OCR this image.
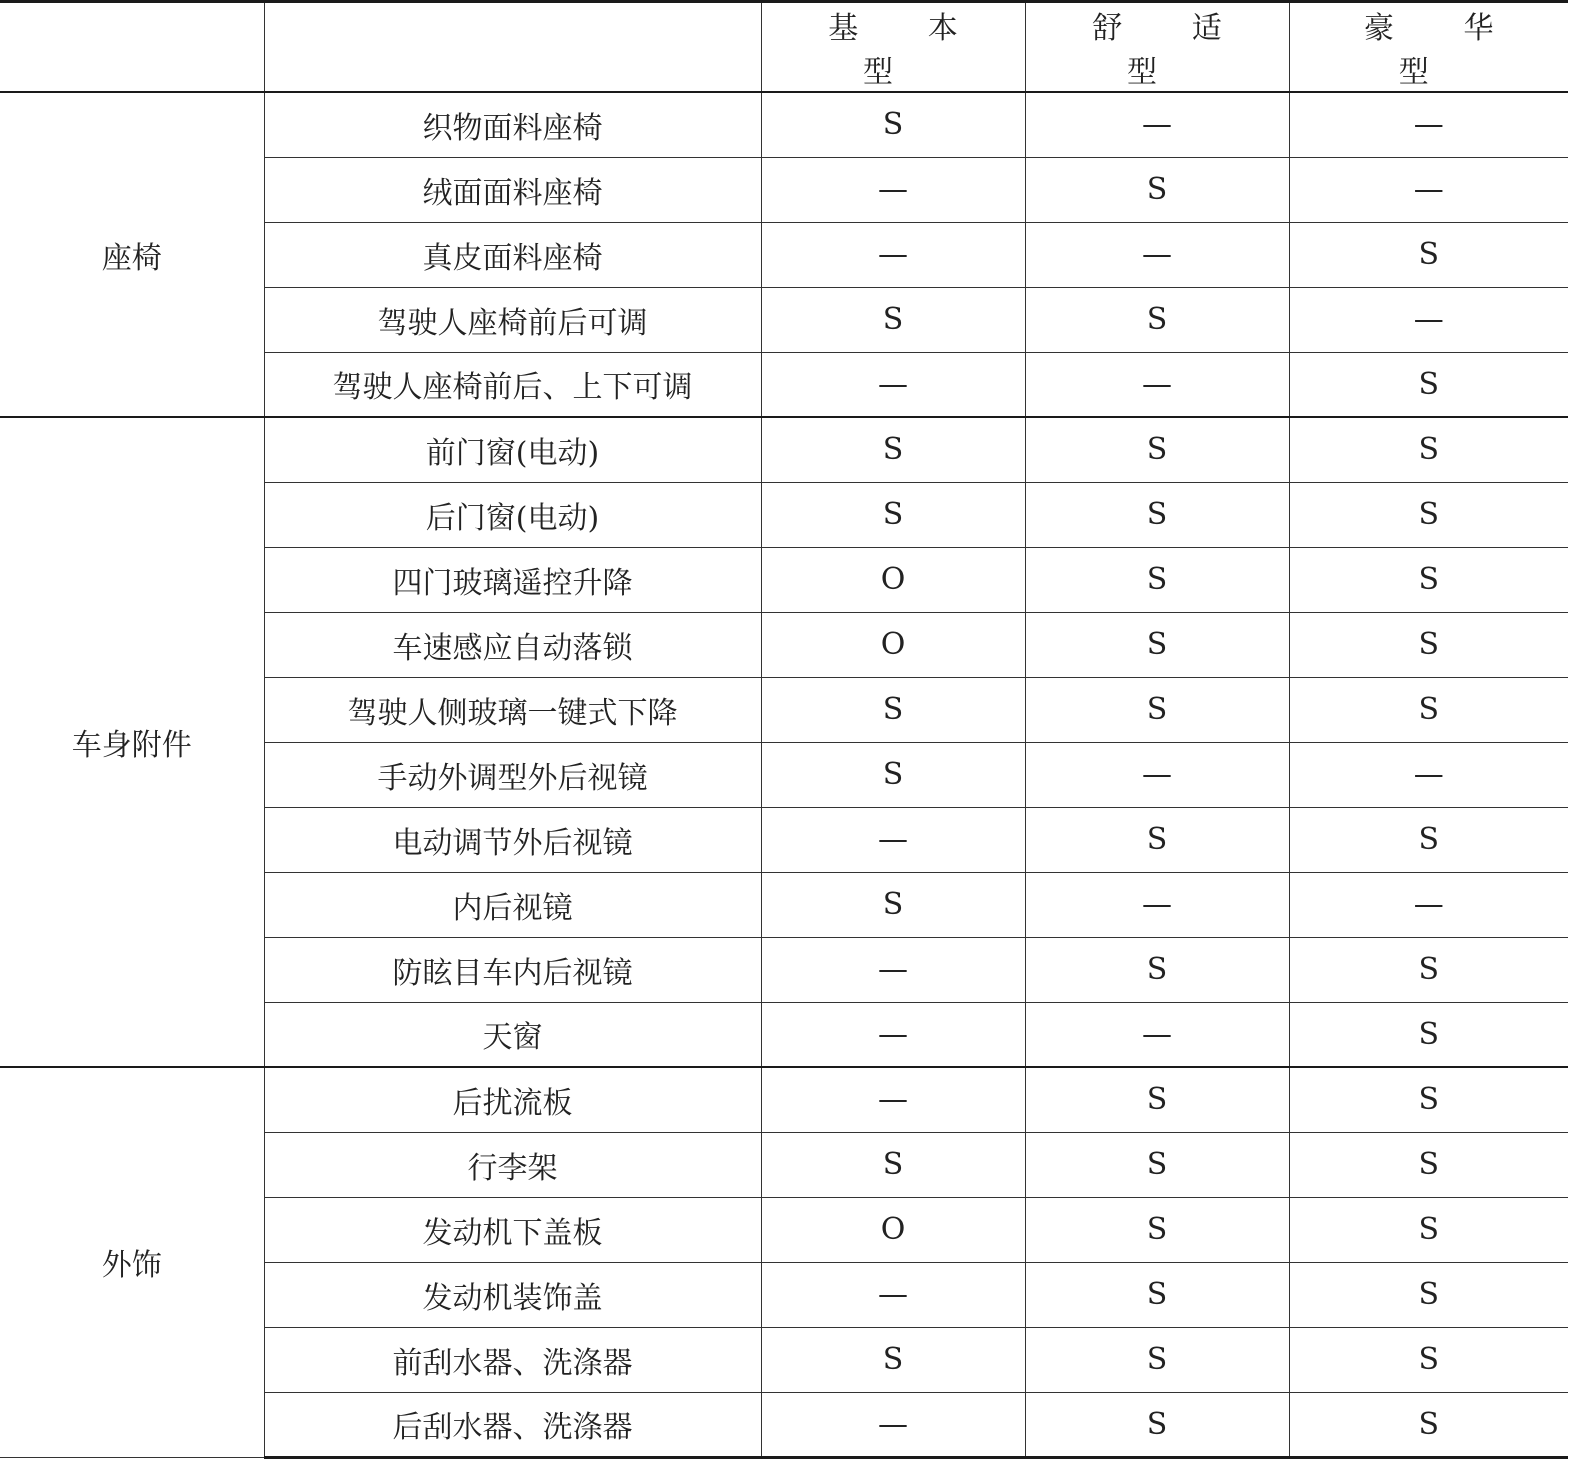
		基 本 型	舒 适 型	豪 华 型
座椅	织物面料座椅	S	—	—
	绒面面料座椅	—	S	—
	真皮面料座椅	—	—	S
	驾驶人座椅前后可调	S	S	—
	驾驶人座椅前后、上下可调	—	—	S
车身附件	前门窗(电动)	S	S	S
	后门窗(电动)	S	S	S
	四门玻璃遥控升降	O	S	S
	车速感应自动落锁	O	S	S
	驾驶人侧玻璃一键式下降	S	S	S
	手动外调型外后视镜	S	—	—
	电动调节外后视镜	—	S	S
	内后视镜	S	—	—
	防眩目车内后视镜	—	S	S
	天窗	—	—	S
外饰	后扰流板	—	S	S
	行李架	S	S	S
	发动机下盖板	O	S	S
	发动机装饰盖	—	S	S
	前刮水器、洗涤器	S	S	S
	后刮水器、洗涤器	—	S	S
